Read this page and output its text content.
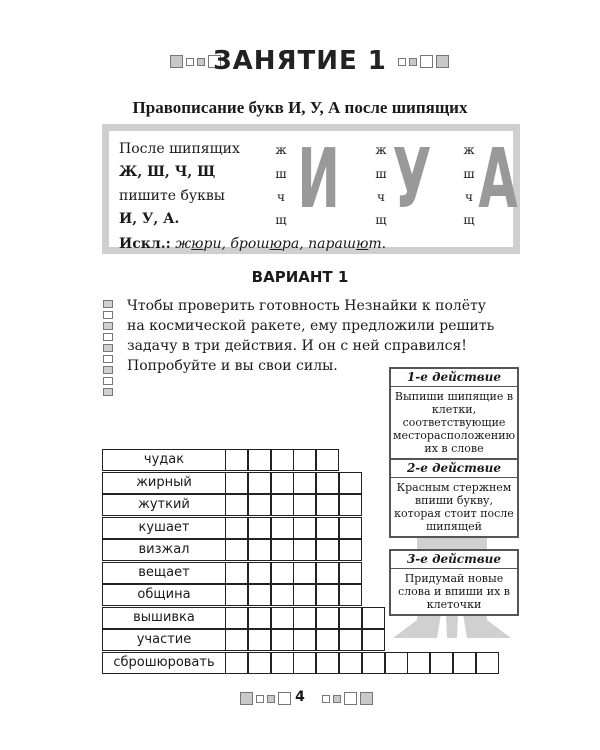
ЗАНЯТИЕ 1
Правописание букв И, У, А после шипящих
После шипящих
Ж, Ш, Ч, Щ
пишите буквы
И, У, А.
ж
ш
ч
щ
ж
ш
ч
щ
ж
ш
ч
щ
И У А
Искл.: жюри, брошюра, парашют.
ВАРИАНТ 1
Чтобы проверить готовность Незнайки к полёту
на космической ракете, ему предложили решить
задачу в три действия. И он с ней справился!
Попробуйте и вы свои силы.
чудак
жирный
жуткий
кушает
визжал
вещает
община
вышивка
участие
сброшюровать
1-е действие
Выпиши шипящие в клетки, соответствующие месторасположению их в слове
2-е действие
Красным стержнем впиши букву, которая стоит после шипящей
3-е действие
Придумай новые слова и впиши их в клеточки
4
